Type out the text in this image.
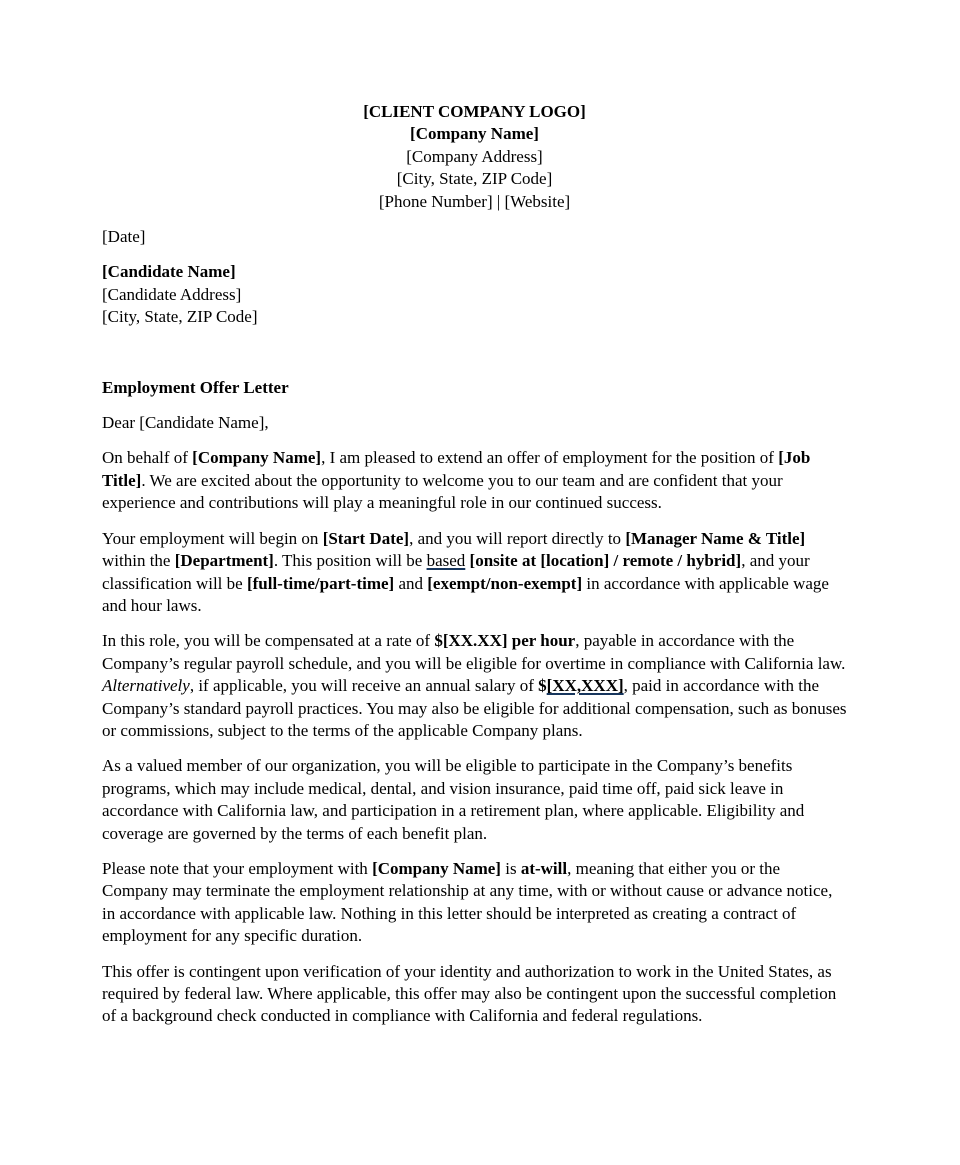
[CLIENT COMPANY LOGO]
[Company Name]
[Company Address]
[City, State, ZIP Code]
[Phone Number] | [Website]

[Date]

[Candidate Name]
[Candidate Address]
[City, State, ZIP Code]

Employment Offer Letter

Dear [Candidate Name],

On behalf of [Company Name], I am pleased to extend an offer of employment for the position of [Job Title]. We are excited about the opportunity to welcome you to our team and are confident that your experience and contributions will play a meaningful role in our continued success.

Your employment will begin on [Start Date], and you will report directly to [Manager Name & Title] within the [Department]. This position will be based [onsite at [location] / remote / hybrid], and your classification will be [full-time/part-time] and [exempt/non-exempt] in accordance with applicable wage and hour laws.

In this role, you will be compensated at a rate of $[XX.XX] per hour, payable in accordance with the Company’s regular payroll schedule, and you will be eligible for overtime in compliance with California law. Alternatively, if applicable, you will receive an annual salary of $[XX,XXX], paid in accordance with the Company’s standard payroll practices. You may also be eligible for additional compensation, such as bonuses or commissions, subject to the terms of the applicable Company plans.

As a valued member of our organization, you will be eligible to participate in the Company’s benefits programs, which may include medical, dental, and vision insurance, paid time off, paid sick leave in accordance with California law, and participation in a retirement plan, where applicable. Eligibility and coverage are governed by the terms of each benefit plan.

Please note that your employment with [Company Name] is at-will, meaning that either you or the Company may terminate the employment relationship at any time, with or without cause or advance notice, in accordance with applicable law. Nothing in this letter should be interpreted as creating a contract of employment for any specific duration.

This offer is contingent upon verification of your identity and authorization to work in the United States, as required by federal law. Where applicable, this offer may also be contingent upon the successful completion of a background check conducted in compliance with California and federal regulations.
